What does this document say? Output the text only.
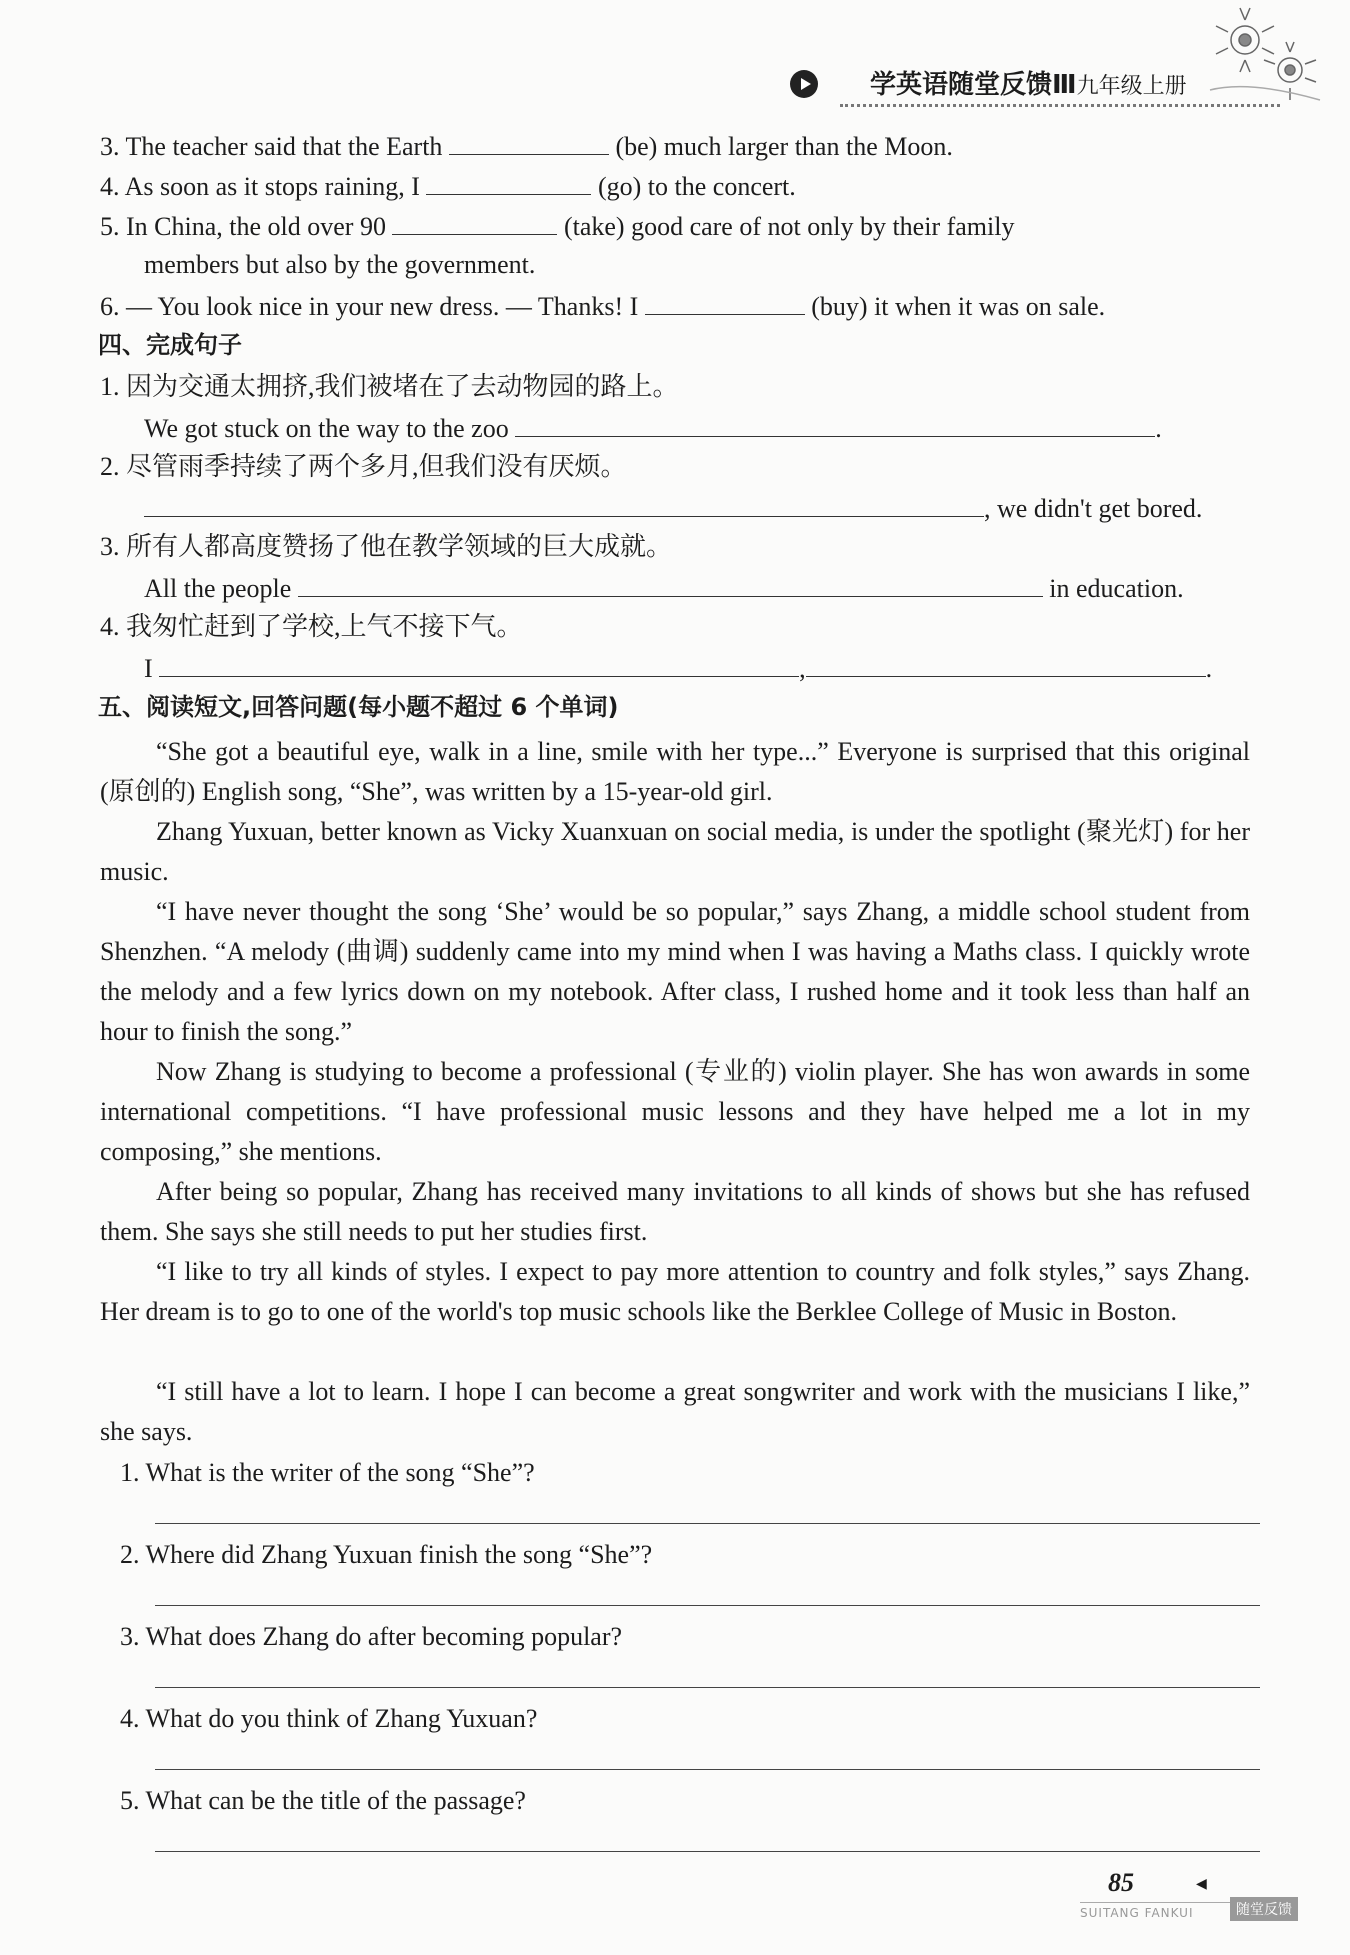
学英语随堂反馈Ⅲ九年级上册
3. The teacher said that the Earth	(be) much larger than the Moon.
4. As soon as it stops raining, I	(go) to the concert.
5. In China, the old over 90	(take) good care of not only by their family
members but also by the government.
6. — You look nice in your new dress. — Thanks! I	(buy) it when it was on sale.
四、完成句子
1. 因为交通太拥挤,我们被堵在了去动物园的路上。
We got stuck on the way to the zoo	.
2. 尽管雨季持续了两个多月,但我们没有厌烦。
, we didn't get bored.
3. 所有人都高度赞扬了他在教学领域的巨大成就。
All the people	in education.
4. 我匆忙赶到了学校,上气不接下气。
I	,	.
五、阅读短文,回答问题(每小题不超过 6 个单词)
“She got a beautiful eye, walk in a line, smile with her type...” Everyone is surprised that this original (原创的) English song, “She”, was written by a 15-year-old girl.
Zhang Yuxuan, better known as Vicky Xuanxuan on social media, is under the spotlight (聚光灯) for her music.
“I have never thought the song ‘She’ would be so popular,” says Zhang, a middle school student from Shenzhen. “A melody (曲调) suddenly came into my mind when I was having a Maths class. I quickly wrote the melody and a few lyrics down on my notebook. After class, I rushed home and it took less than half an hour to finish the song.”
Now Zhang is studying to become a professional (专业的) violin player. She has won awards in some international competitions. “I have professional music lessons and they have helped me a lot in my composing,” she mentions.
After being so popular, Zhang has received many invitations to all kinds of shows but she has refused them. She says she still needs to put her studies first.
“I like to try all kinds of styles. I expect to pay more attention to country and folk styles,” says Zhang. Her dream is to go to one of the world's top music schools like the Berklee College of Music in Boston.
“I still have a lot to learn. I hope I can become a great songwriter and work with the musicians I like,” she says.
1. What is the writer of the song “She”?
2. Where did Zhang Yuxuan finish the song “She”?
3. What does Zhang do after becoming popular?
4. What do you think of Zhang Yuxuan?
5. What can be the title of the passage?
85	◀
SUITANG FANKUI	随堂反馈
